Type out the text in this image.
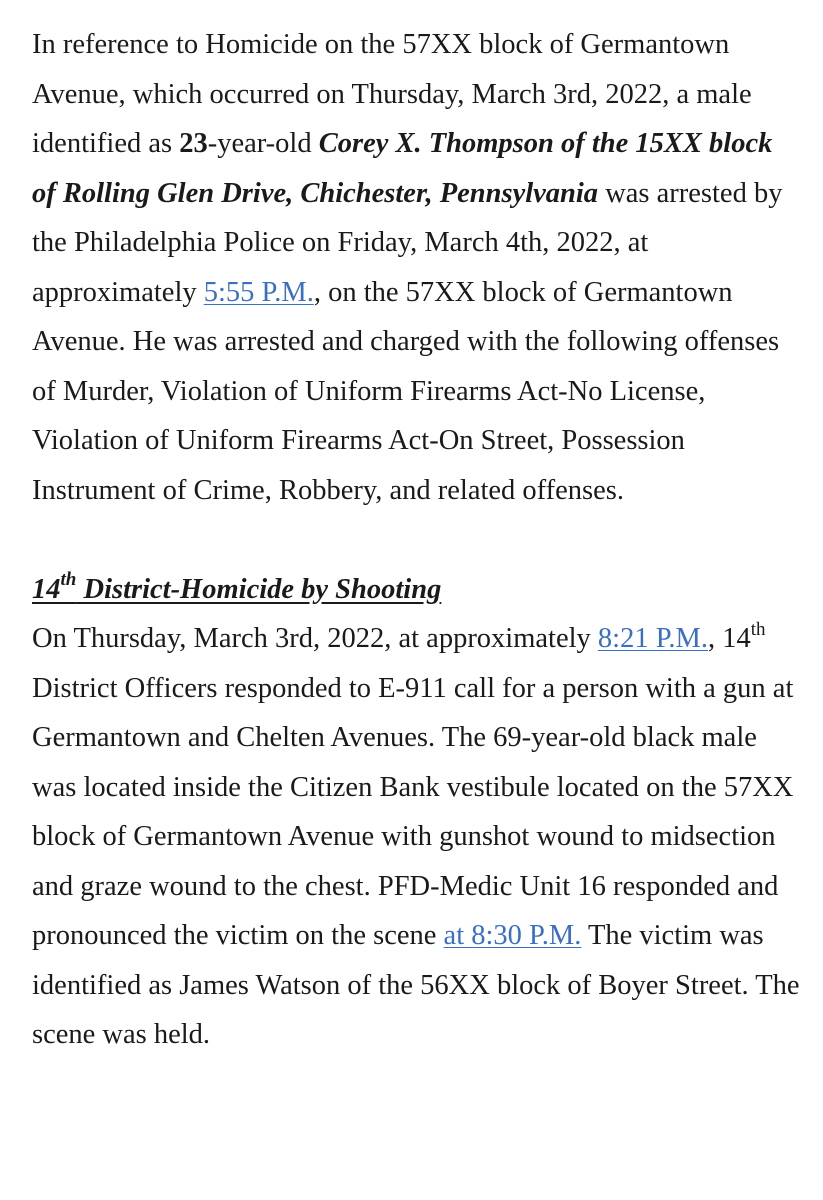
In reference to Homicide on the 57XX block of Germantown Avenue, which occurred on Thursday, March 3rd, 2022, a male identified as 23-year-old Corey X. Thompson of the 15XX block of Rolling Glen Drive, Chichester, Pennsylvania was arrested by the Philadelphia Police on Friday, March 4th, 2022, at approximately 5:55 P.M., on the 57XX block of Germantown Avenue. He was arrested and charged with the following offenses of Murder, Violation of Uniform Firearms Act-No License, Violation of Uniform Firearms Act-On Street, Possession Instrument of Crime, Robbery, and related offenses.

14th District-Homicide by Shooting

On Thursday, March 3rd, 2022, at approximately 8:21 P.M., 14th District Officers responded to E-911 call for a person with a gun at Germantown and Chelten Avenues. The 69-year-old black male was located inside the Citizen Bank vestibule located on the 57XX block of Germantown Avenue with gunshot wound to midsection and graze wound to the chest. PFD-Medic Unit 16 responded and pronounced the victim on the scene at 8:30 P.M. The victim was identified as James Watson of the 56XX block of Boyer Street. The scene was held.
